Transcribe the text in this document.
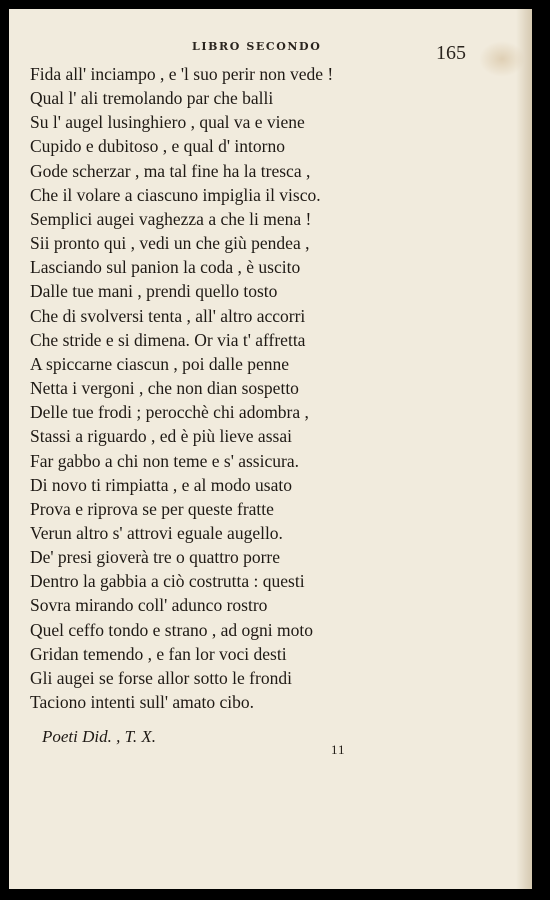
LIBRO SECONDO	165
Fida all' inciampo , e 'l suo perir non vede !
Qual l' ali tremolando par che balli
Su l' augel lusinghiero , qual va e viene
Cupido e dubitoso , e qual d' intorno
Gode scherzar , ma tal fine ha la tresca ,
Che il volare a ciascuno impiglia il visco.
Semplici augei vaghezza a che li mena !
Sii pronto qui , vedi un che giù pendea ,
Lasciando sul panion la coda , è uscito
Dalle tue mani , prendi quello tosto
Che di svolversi tenta , all' altro accorri
Che stride e si dimena. Or via t' affretta
A spiccarne ciascun , poi dalle penne
Netta i vergoni , che non dian sospetto
Delle tue frodi ; perocchè chi adombra ,
Stassi a riguardo , ed è più lieve assai
Far gabbo a chi non teme e s' assicura.
Di novo ti rimpiatta , e al modo usato
Prova e riprova se per queste fratte
Verun altro s' attrovi eguale augello.
De' presi gioverà tre o quattro porre
Dentro la gabbia a ciò costrutta : questi
Sovra mirando coll' adunco rostro
Quel ceffo tondo e strano , ad ogni moto
Gridan temendo , e fan lor voci desti
Gli augei se forse allor sotto le frondi
Taciono intenti sull' amato cibo.
Poeti Did. , T. X.
11
